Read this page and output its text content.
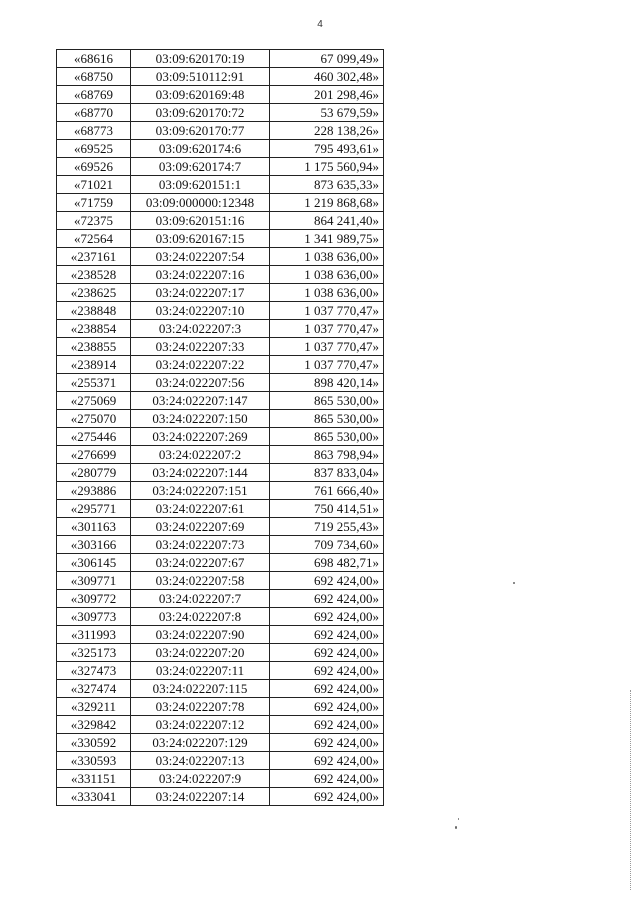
4
«68616	03:09:620170:19	67 099,49»
«68750	03:09:510112:91	460 302,48»
«68769	03:09:620169:48	201 298,46»
«68770	03:09:620170:72	53 679,59»
«68773	03:09:620170:77	228 138,26»
«69525	03:09:620174:6	795 493,61»
«69526	03:09:620174:7	1 175 560,94»
«71021	03:09:620151:1	873 635,33»
«71759	03:09:000000:12348	1 219 868,68»
«72375	03:09:620151:16	864 241,40»
«72564	03:09:620167:15	1 341 989,75»
«237161	03:24:022207:54	1 038 636,00»
«238528	03:24:022207:16	1 038 636,00»
«238625	03:24:022207:17	1 038 636,00»
«238848	03:24:022207:10	1 037 770,47»
«238854	03:24:022207:3	1 037 770,47»
«238855	03:24:022207:33	1 037 770,47»
«238914	03:24:022207:22	1 037 770,47»
«255371	03:24:022207:56	898 420,14»
«275069	03:24:022207:147	865 530,00»
«275070	03:24:022207:150	865 530,00»
«275446	03:24:022207:269	865 530,00»
«276699	03:24:022207:2	863 798,94»
«280779	03:24:022207:144	837 833,04»
«293886	03:24:022207:151	761 666,40»
«295771	03:24:022207:61	750 414,51»
«301163	03:24:022207:69	719 255,43»
«303166	03:24:022207:73	709 734,60»
«306145	03:24:022207:67	698 482,71»
«309771	03:24:022207:58	692 424,00»
«309772	03:24:022207:7	692 424,00»
«309773	03:24:022207:8	692 424,00»
«311993	03:24:022207:90	692 424,00»
«325173	03:24:022207:20	692 424,00»
«327473	03:24:022207:11	692 424,00»
«327474	03:24:022207:115	692 424,00»
«329211	03:24:022207:78	692 424,00»
«329842	03:24:022207:12	692 424,00»
«330592	03:24:022207:129	692 424,00»
«330593	03:24:022207:13	692 424,00»
«331151	03:24:022207:9	692 424,00»
«333041	03:24:022207:14	692 424,00»
